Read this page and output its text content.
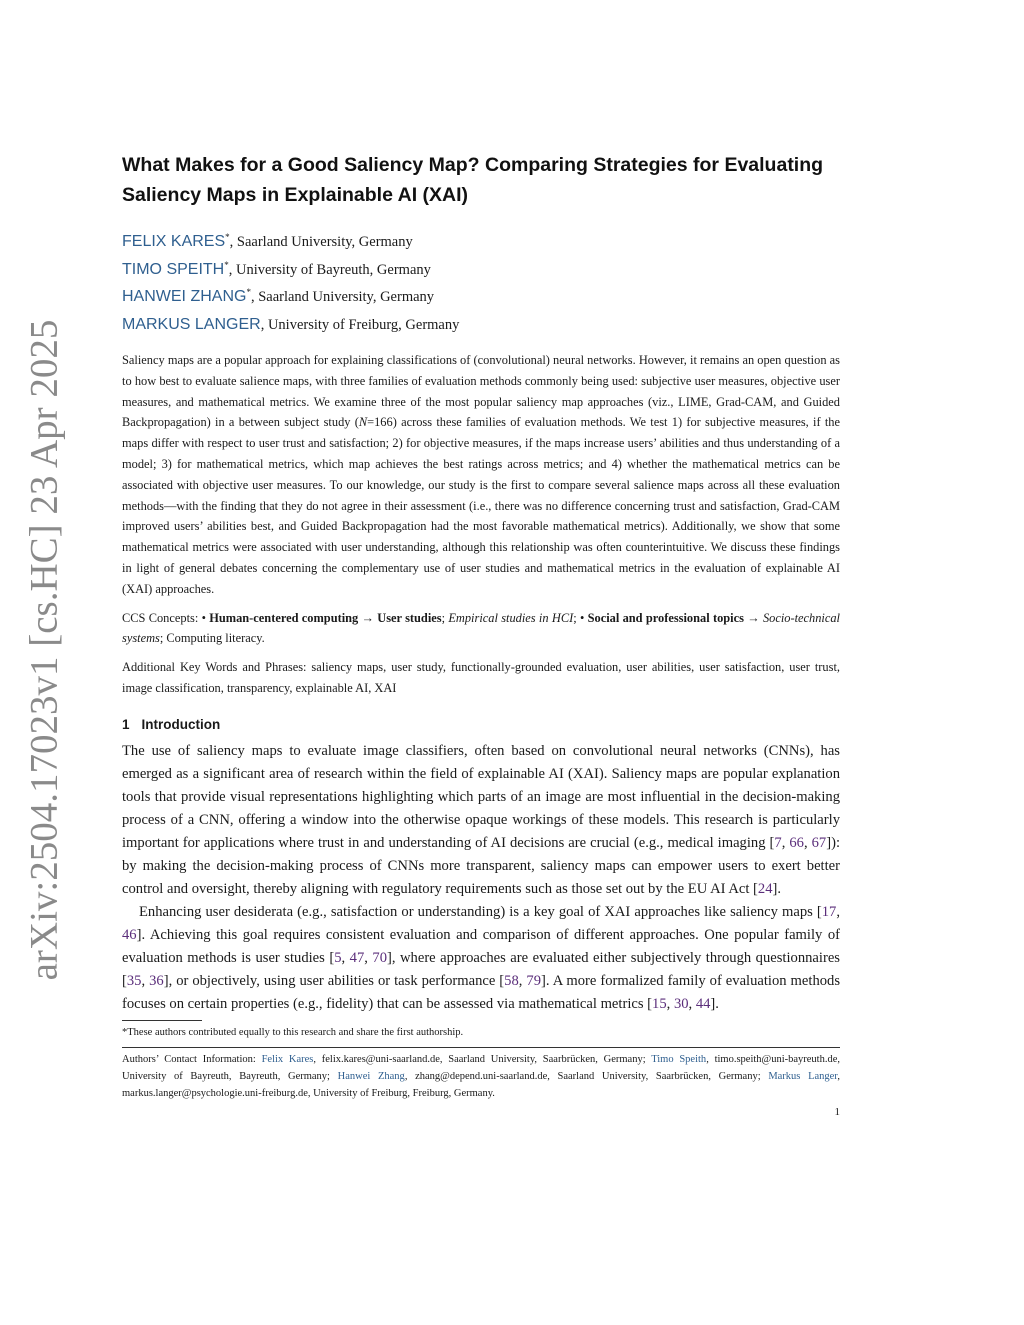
arXiv:2504.17023v1 [cs.HC] 23 Apr 2025
What Makes for a Good Saliency Map? Comparing Strategies for Evaluating Saliency Maps in Explainable AI (XAI)
FELIX KARES*, Saarland University, Germany
TIMO SPEITH*, University of Bayreuth, Germany
HANWEI ZHANG*, Saarland University, Germany
MARKUS LANGER, University of Freiburg, Germany

Saliency maps are a popular approach for explaining classifications of (convolutional) neural networks. However, it remains an open question as to how best to evaluate salience maps, with three families of evaluation methods commonly being used: subjective user measures, objective user measures, and mathematical metrics. We examine three of the most popular saliency map approaches (viz., LIME, Grad-CAM, and Guided Backpropagation) in a between subject study (N=166) across these families of evaluation methods. We test 1) for subjective measures, if the maps differ with respect to user trust and satisfaction; 2) for objective measures, if the maps increase users’ abilities and thus understanding of a model; 3) for mathematical metrics, which map achieves the best ratings across metrics; and 4) whether the mathematical metrics can be associated with objective user measures. To our knowledge, our study is the first to compare several salience maps across all these evaluation methods—with the finding that they do not agree in their assessment (i.e., there was no difference concerning trust and satisfaction, Grad-CAM improved users’ abilities best, and Guided Backpropagation had the most favorable mathematical metrics). Additionally, we show that some mathematical metrics were associated with user understanding, although this relationship was often counterintuitive. We discuss these findings in light of general debates concerning the complementary use of user studies and mathematical metrics in the evaluation of explainable AI (XAI) approaches.

CCS Concepts: • Human-centered computing → User studies; Empirical studies in HCI; • Social and professional topics → Socio-technical systems; Computing literacy.

Additional Key Words and Phrases: saliency maps, user study, functionally-grounded evaluation, user abilities, user satisfaction, user trust, image classification, transparency, explainable AI, XAI

1 Introduction

The use of saliency maps to evaluate image classifiers, often based on convolutional neural networks (CNNs), has emerged as a significant area of research within the field of explainable AI (XAI). Saliency maps are popular explanation tools that provide visual representations highlighting which parts of an image are most influential in the decision-making process of a CNN, offering a window into the otherwise opaque workings of these models. This research is particularly important for applications where trust in and understanding of AI decisions are crucial (e.g., medical imaging [7, 66, 67]): by making the decision-making process of CNNs more transparent, saliency maps can empower users to exert better control and oversight, thereby aligning with regulatory requirements such as those set out by the EU AI Act [24].

Enhancing user desiderata (e.g., satisfaction or understanding) is a key goal of XAI approaches like saliency maps [17, 46]. Achieving this goal requires consistent evaluation and comparison of different approaches. One popular family of evaluation methods is user studies [5, 47, 70], where approaches are evaluated either subjectively through questionnaires [35, 36], or objectively, using user abilities or task performance [58, 79]. A more formalized family of evaluation methods focuses on certain properties (e.g., fidelity) that can be assessed via mathematical metrics [15, 30, 44].

*These authors contributed equally to this research and share the first authorship.

Authors’ Contact Information: Felix Kares, felix.kares@uni-saarland.de, Saarland University, Saarbrücken, Germany; Timo Speith, timo.speith@uni-bayreuth.de, University of Bayreuth, Bayreuth, Germany; Hanwei Zhang, zhang@depend.uni-saarland.de, Saarland University, Saarbrücken, Germany; Markus Langer, markus.langer@psychologie.uni-freiburg.de, University of Freiburg, Freiburg, Germany.

1
